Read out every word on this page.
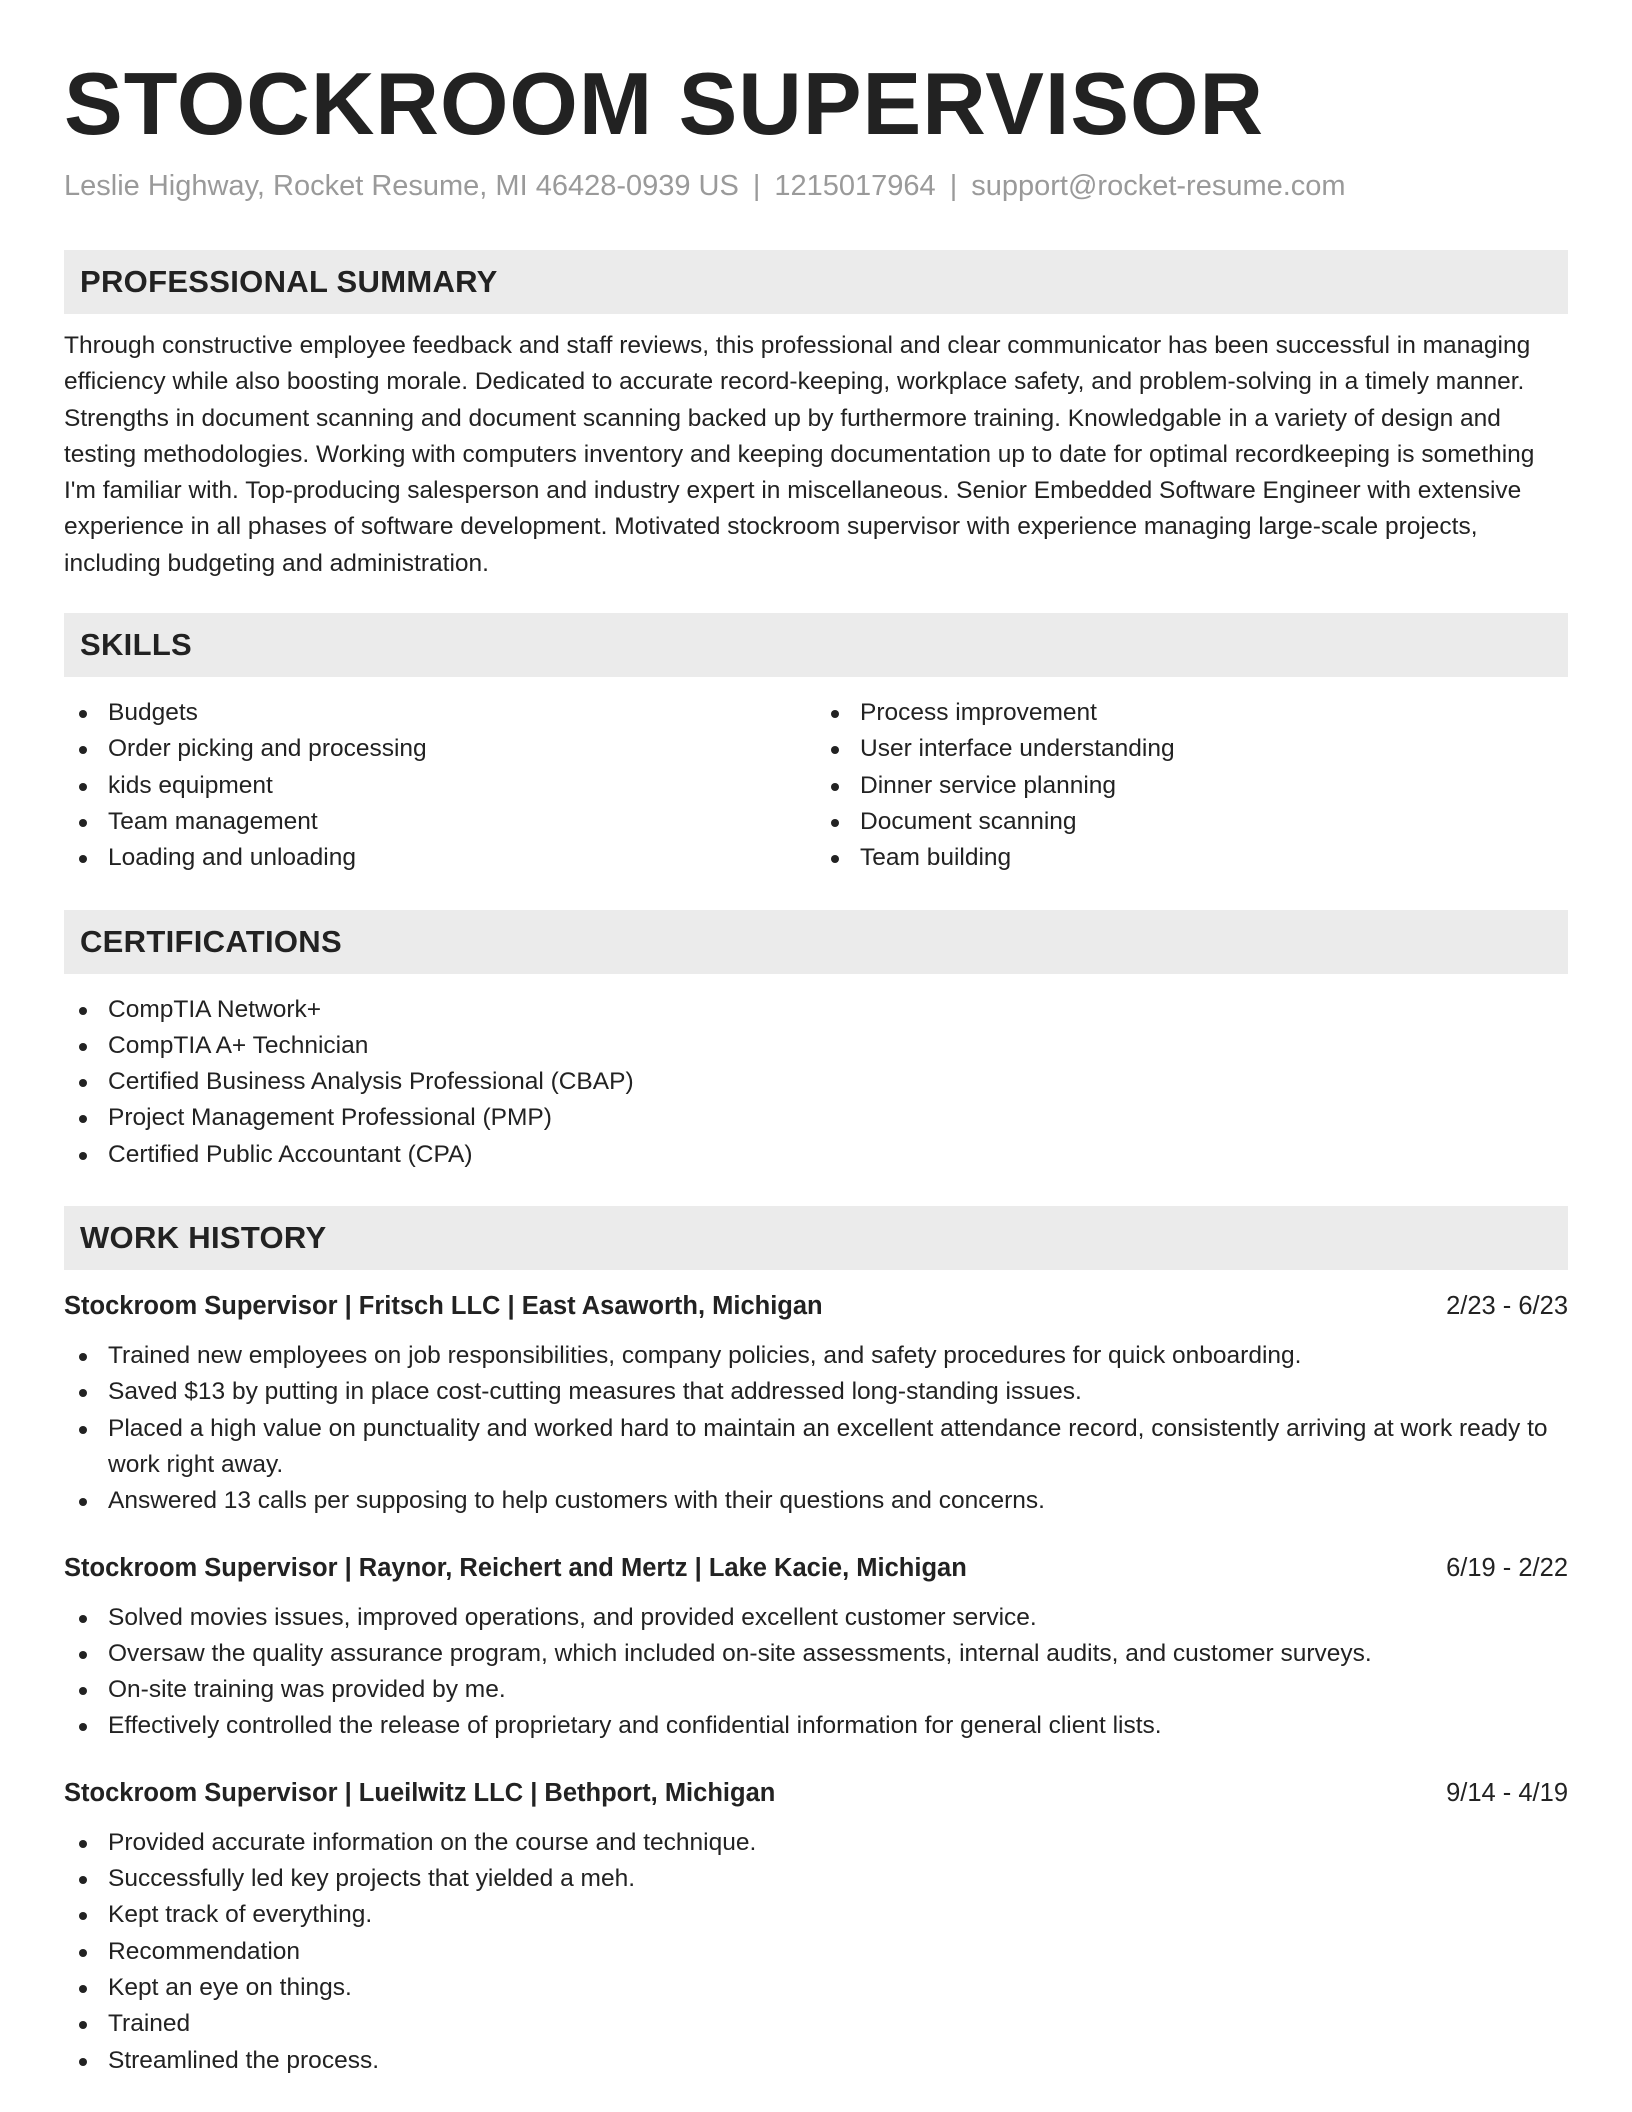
STOCKROOM SUPERVISOR
Leslie Highway, Rocket Resume, MI 46428-0939 US | 1215017964 | support@rocket-resume.com
PROFESSIONAL SUMMARY

Through constructive employee feedback and staff reviews, this professional and clear communicator has been successful in managing efficiency while also boosting morale. Dedicated to accurate record-keeping, workplace safety, and problem-solving in a timely manner. Strengths in document scanning and document scanning backed up by furthermore training. Knowledgable in a variety of design and testing methodologies. Working with computers inventory and keeping documentation up to date for optimal recordkeeping is something I'm familiar with. Top-producing salesperson and industry expert in miscellaneous. Senior Embedded Software Engineer with extensive experience in all phases of software development. Motivated stockroom supervisor with experience managing large-scale projects, including budgeting and administration.

SKILLS
Budgets
Order picking and processing
kids equipment
Team management
Loading and unloading
Process improvement
User interface understanding
Dinner service planning
Document scanning
Team building
CERTIFICATIONS
CompTIA Network+
CompTIA A+ Technician
Certified Business Analysis Professional (CBAP)
Project Management Professional (PMP)
Certified Public Accountant (CPA)
WORK HISTORY
Stockroom Supervisor | Fritsch LLC | East Asaworth, Michigan	2/23 - 6/23
Trained new employees on job responsibilities, company policies, and safety procedures for quick onboarding.
Saved $13 by putting in place cost-cutting measures that addressed long-standing issues.
Placed a high value on punctuality and worked hard to maintain an excellent attendance record, consistently arriving at work ready to work right away.
Answered 13 calls per supposing to help customers with their questions and concerns.
Stockroom Supervisor | Raynor, Reichert and Mertz | Lake Kacie, Michigan	6/19 - 2/22
Solved movies issues, improved operations, and provided excellent customer service.
Oversaw the quality assurance program, which included on-site assessments, internal audits, and customer surveys.
On-site training was provided by me.
Effectively controlled the release of proprietary and confidential information for general client lists.
Stockroom Supervisor | Lueilwitz LLC | Bethport, Michigan	9/14 - 4/19
Provided accurate information on the course and technique.
Successfully led key projects that yielded a meh.
Kept track of everything.
Recommendation
Kept an eye on things.
Trained
Streamlined the process.
